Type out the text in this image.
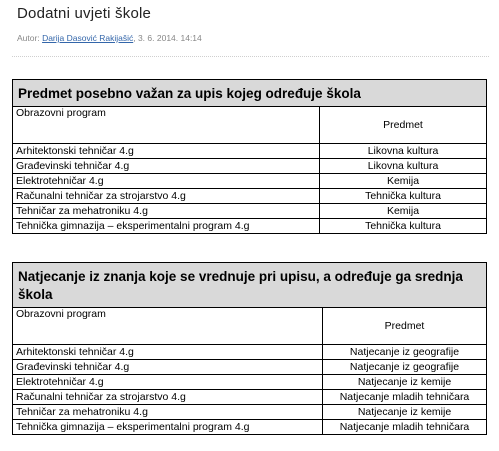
Dodatni uvjeti škole
Autor: Darija Dasović Rakijašić, 3. 6. 2014. 14:14
Predmet posebno važan za upis kojeg određuje škola	
Obrazovni program	Predmet
Arhitektonski tehničar 4.g	Likovna kultura
Građevinski tehničar 4.g	Likovna kultura
Elektrotehničar 4.g	Kemija
Računalni tehničar za strojarstvo 4.g	Tehnička kultura
Tehničar za mehatroniku 4.g	Kemija
Tehnička gimnazija – eksperimentalni program 4.g	Tehnička kultura
Natjecanje iz znanja koje se vrednuje pri upisu, a određuje ga srednja škola	
Obrazovni program	Predmet
Arhitektonski tehničar 4.g	Natjecanje iz geografije
Građevinski tehničar 4.g	Natjecanje iz geografije
Elektrotehničar 4.g	Natjecanje iz kemije
Računalni tehničar za strojarstvo 4.g	Natjecanje mladih tehničara
Tehničar za mehatroniku 4.g	Natjecanje iz kemije
Tehnička gimnazija – eksperimentalni program 4.g	Natjecanje mladih tehničara
